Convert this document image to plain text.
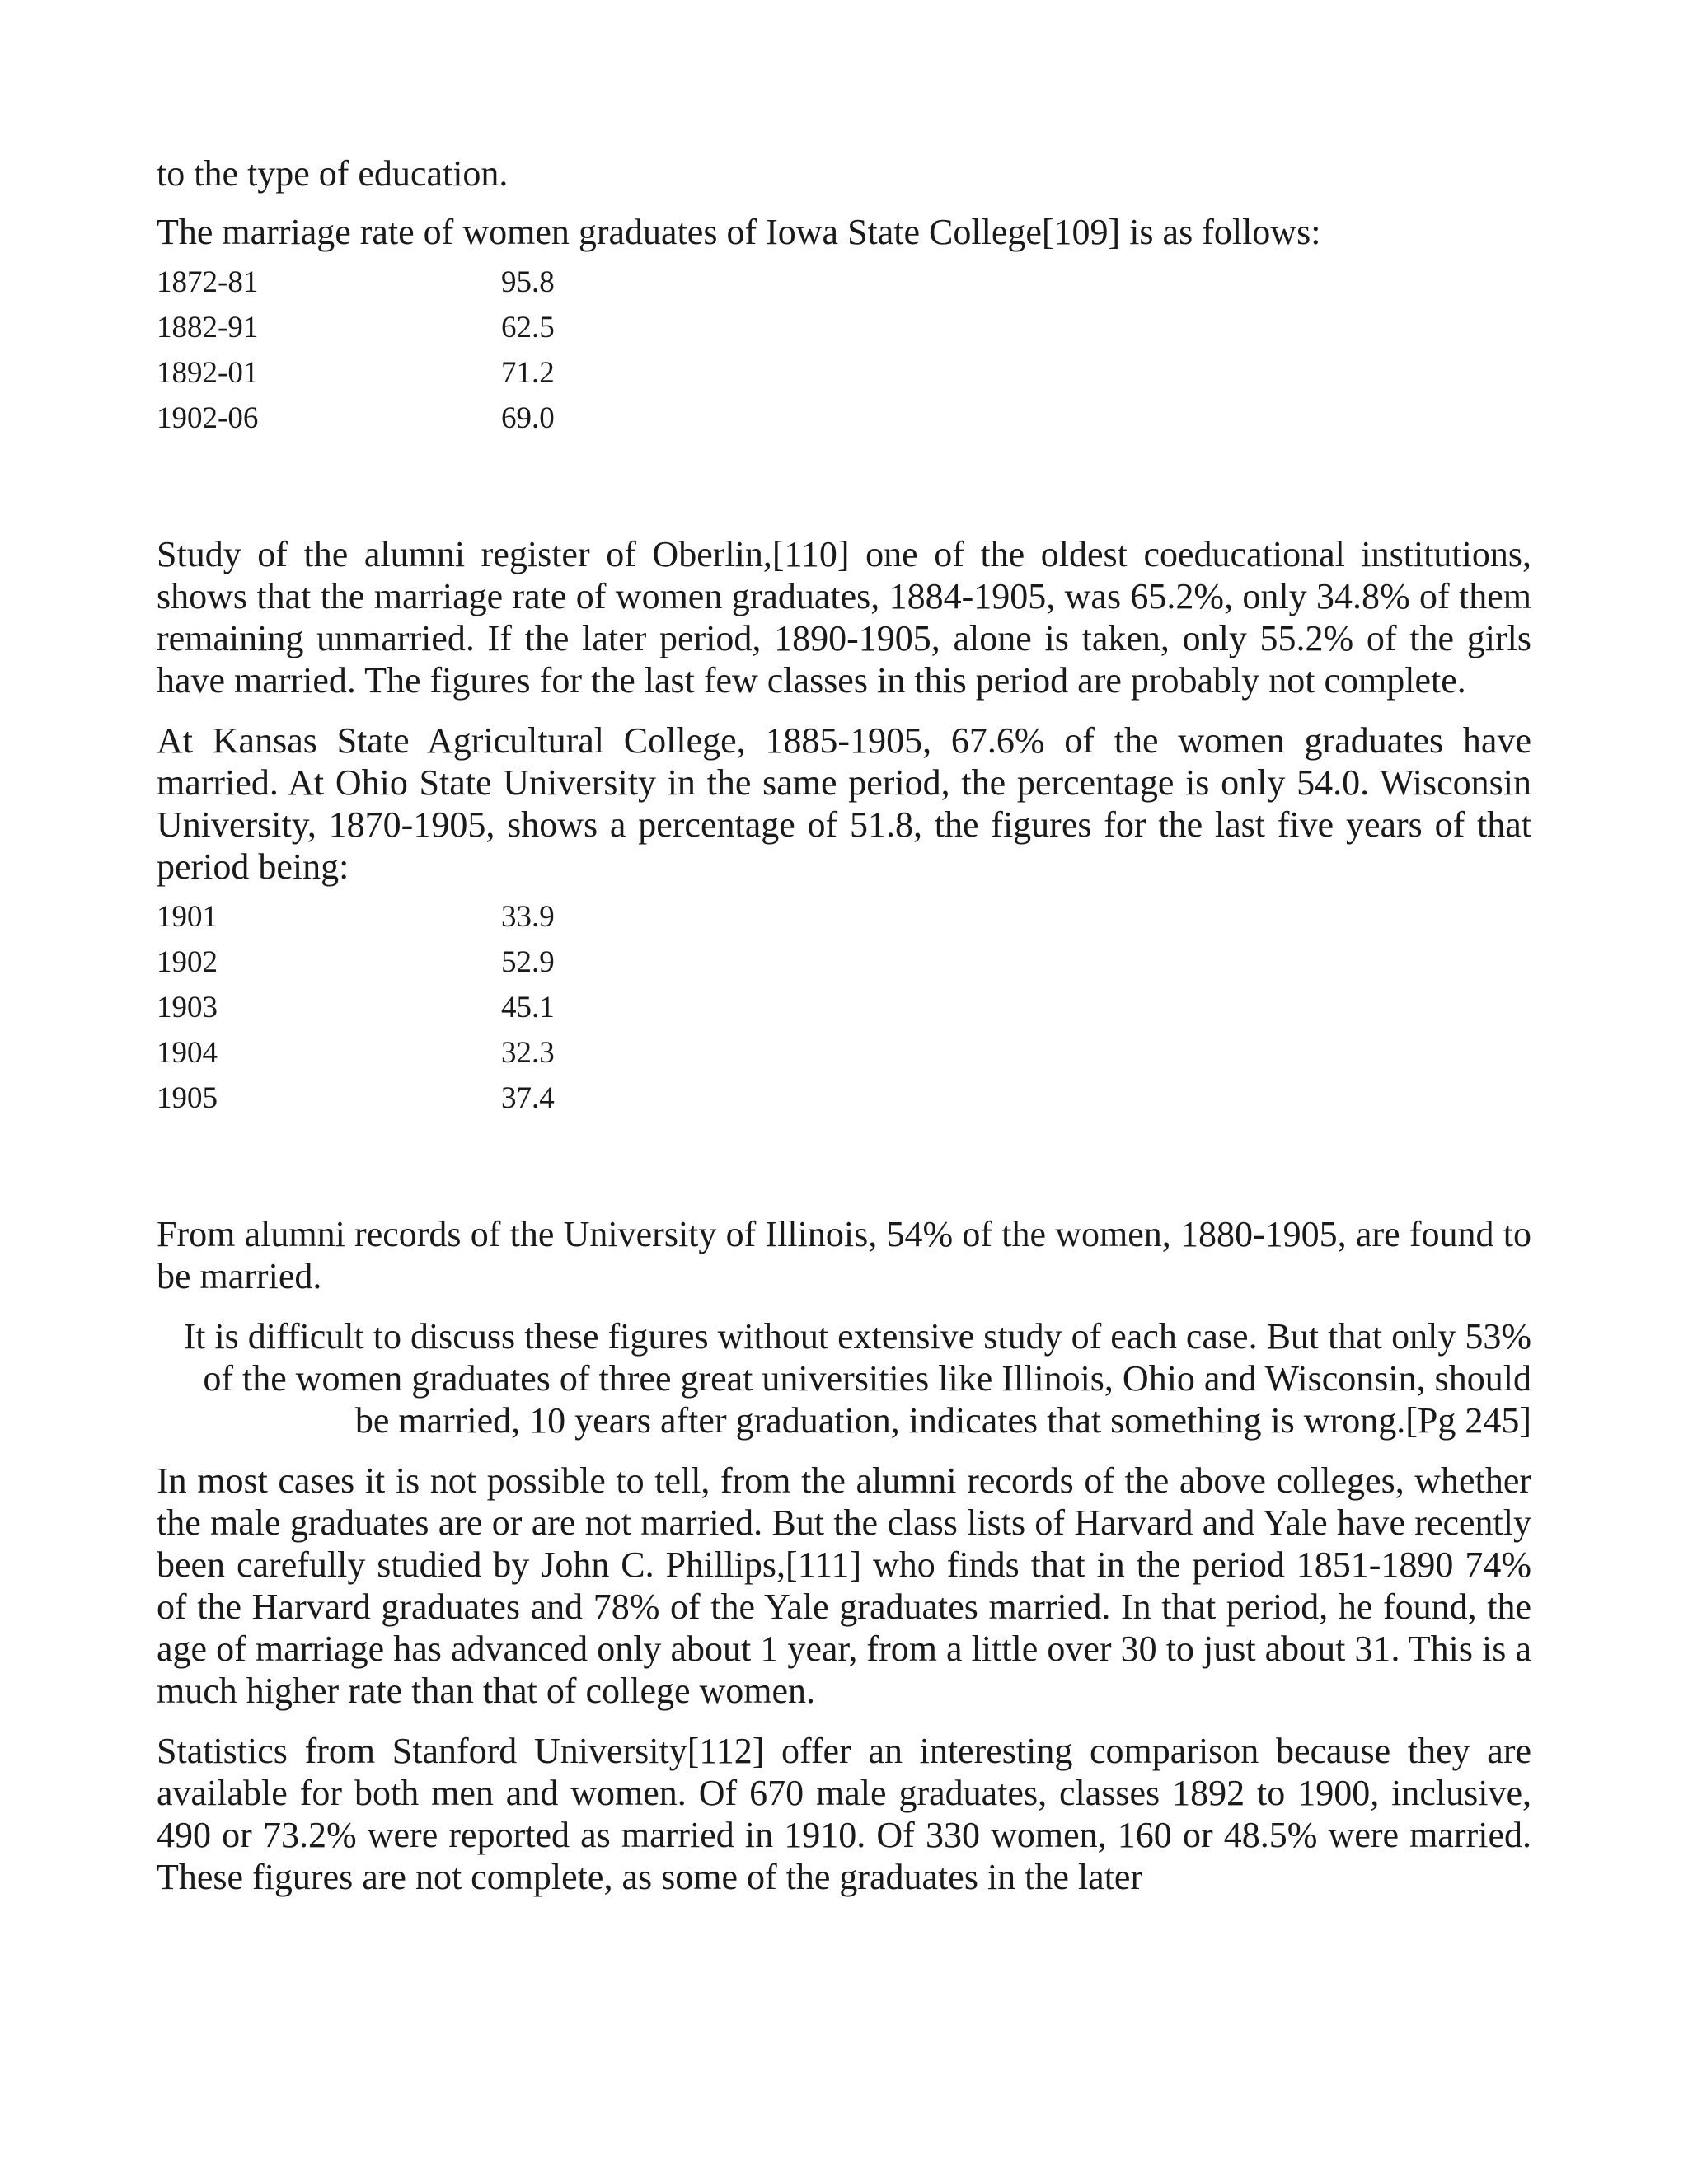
to the type of education.

The marriage rate of women graduates of Iowa State College[109] is as follows:

1872-81	95.8
1882-91	62.5
1892-01	71.2
1902-06	69.0

Study of the alumni register of Oberlin,[110] one of the oldest coeducational institutions, shows that the marriage rate of women graduates, 1884-1905, was 65.2%, only 34.8% of them remaining unmarried. If the later period, 1890-1905, alone is taken, only 55.2% of the girls have married. The figures for the last few classes in this period are probably not complete.

At Kansas State Agricultural College, 1885-1905, 67.6% of the women graduates have married. At Ohio State University in the same period, the percentage is only 54.0. Wisconsin University, 1870-1905, shows a percentage of 51.8, the figures for the last five years of that period being:

1901	33.9
1902	52.9
1903	45.1
1904	32.3
1905	37.4

From alumni records of the University of Illinois, 54% of the women, 1880-1905, are found to be married.

It is difficult to discuss these figures without extensive study of each case. But that only 53% of the women graduates of three great universities like Illinois, Ohio and Wisconsin, should be married, 10 years after graduation, indicates that something is wrong.[Pg 245]

In most cases it is not possible to tell, from the alumni records of the above colleges, whether the male graduates are or are not married. But the class lists of Harvard and Yale have recently been carefully studied by John C. Phillips,[111] who finds that in the period 1851-1890 74% of the Harvard graduates and 78% of the Yale graduates married. In that period, he found, the age of marriage has advanced only about 1 year, from a little over 30 to just about 31. This is a much higher rate than that of college women.

Statistics from Stanford University[112] offer an interesting comparison because they are available for both men and women. Of 670 male graduates, classes 1892 to 1900, inclusive, 490 or 73.2% were reported as married in 1910. Of 330 women, 160 or 48.5% were married. These figures are not complete, as some of the graduates in the later
